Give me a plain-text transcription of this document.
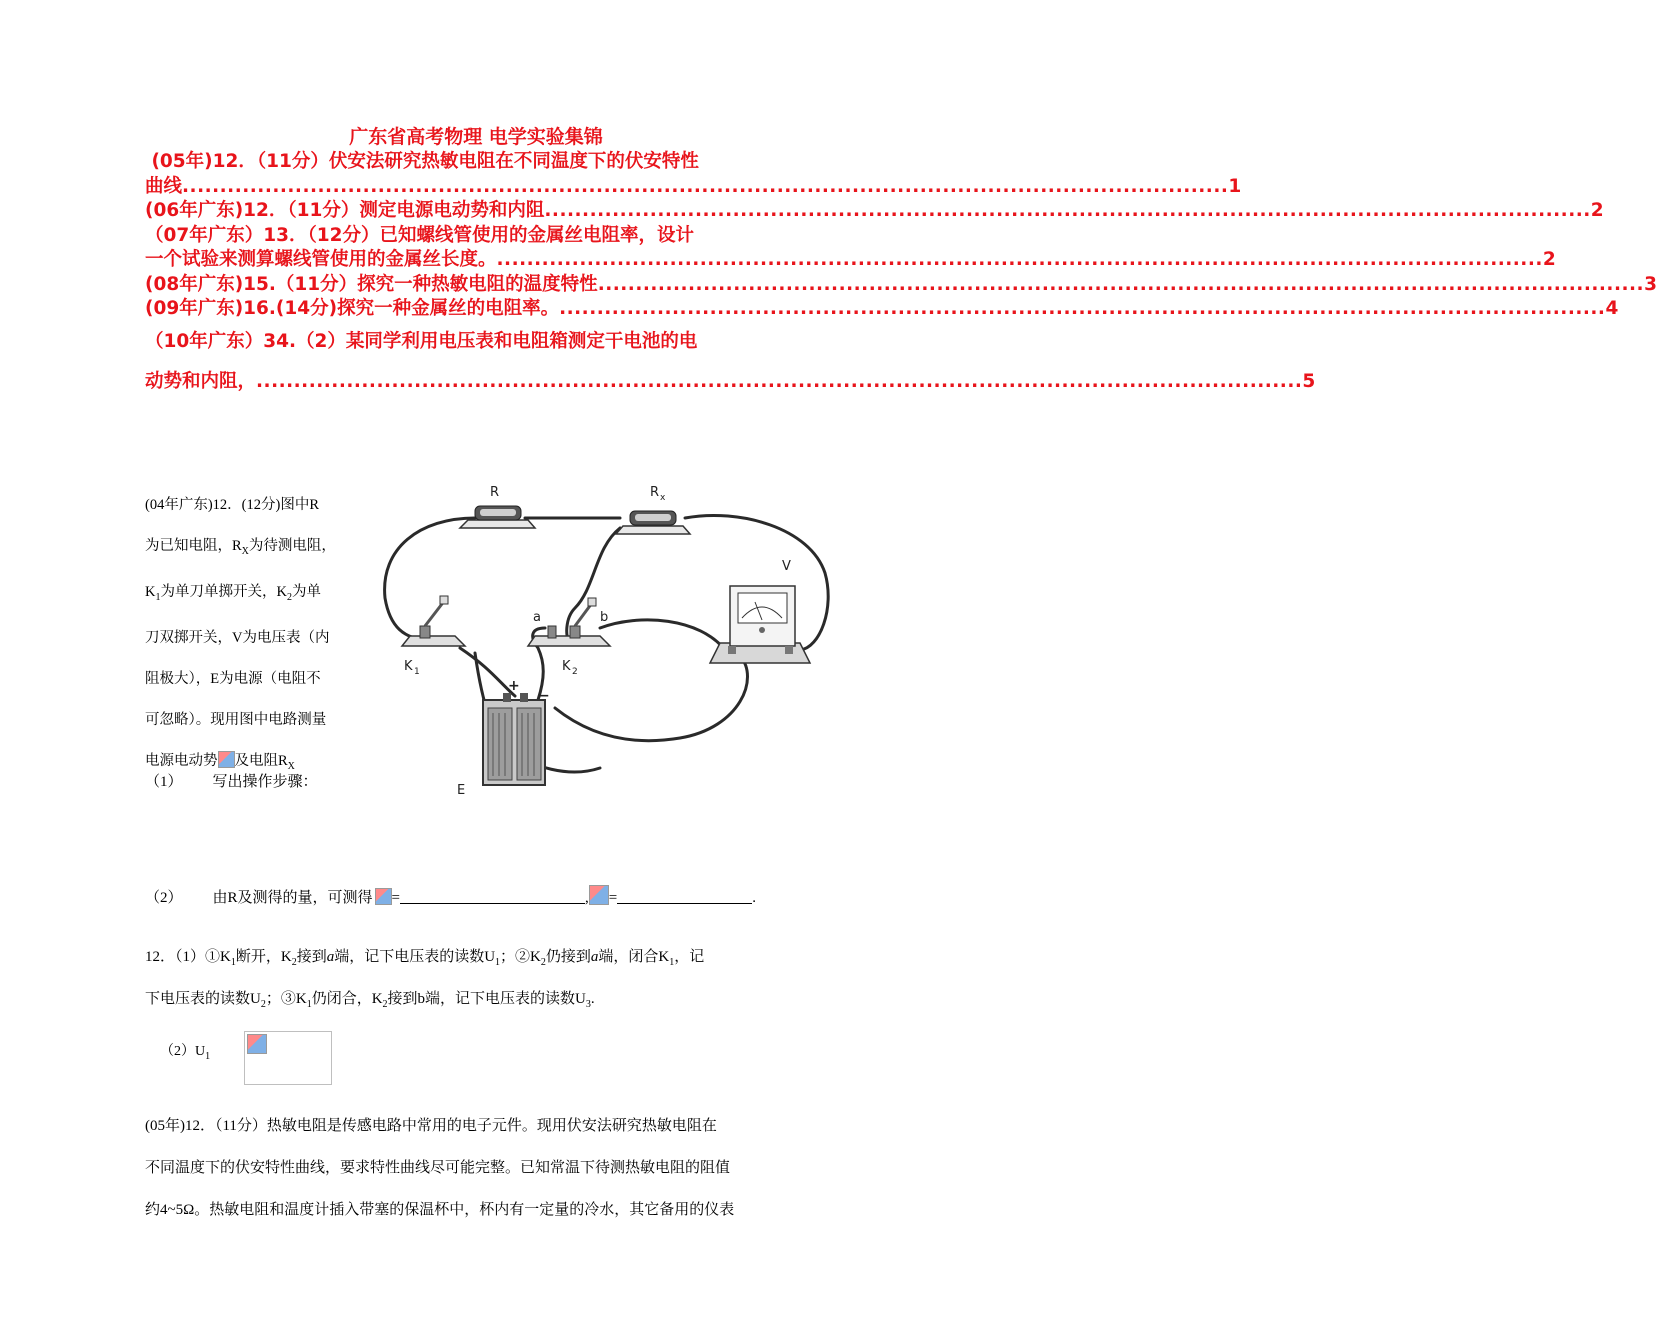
广东省高考物理 电学实验集锦
(05年)12．（11分）伏安法研究热敏电阻在不同温度下的伏安特性
曲线 ........................................................................................................................................... 1
(06年广东)12．（11分）测定电源电动势和内阻 ........................................................................................................................................... 2
（07年广东）13．（12分）已知螺线管使用的金属丝电阻率，设计
一个试验来测算螺线管使用的金属丝长度。 ........................................................................................................................................... 2
(08年广东)15.（11分）探究一种热敏电阻的温度特性 ........................................................................................................................................... 3
(09年广东)16.(14分)探究一种金属丝的电阻率。 ........................................................................................................................................... 4
（10年广东）34.（2）某同学利用电压表和电阻箱测定干电池的电
动势和内阻， ........................................................................................................................................... 5
(04年广东)12．(12分)图中R
为已知电阻，$R_X$为待测电阻，
$K_1$为单刀单掷开关，$K_2$为单
刀双掷开关，V为电压表（内
阻极大），E为电源（电阻不
可忽略）。现用图中电路测量
电源电动势 及电阻$R_X$
（1） 写出操作步骤：
R	R x
V
a	b
K 1	K 2
E
+
−
（2） 由R及测得的量，可测得 =	, =	.
12．$(1)①K_1$断开，$K_2$接到a端，记下电压表的读数$U_1$；$②K_2$仍接到a端，闭合$K_1$，记
下电压表的读数$U_2$；$③K_1$仍闭合，$K_2$接到b端，记下电压表的读数$U_3$.
$(2)U_1$
(05年)12．（11分）热敏电阻是传感电路中常用的电子元件。现用伏安法研究热敏电阻在
不同温度下的伏安特性曲线，要求特性曲线尽可能完整。已知常温下待测热敏电阻的阻值
约4~5Ω。热敏电阻和温度计插入带塞的保温杯中，杯内有一定量的冷水，其它备用的仪表
